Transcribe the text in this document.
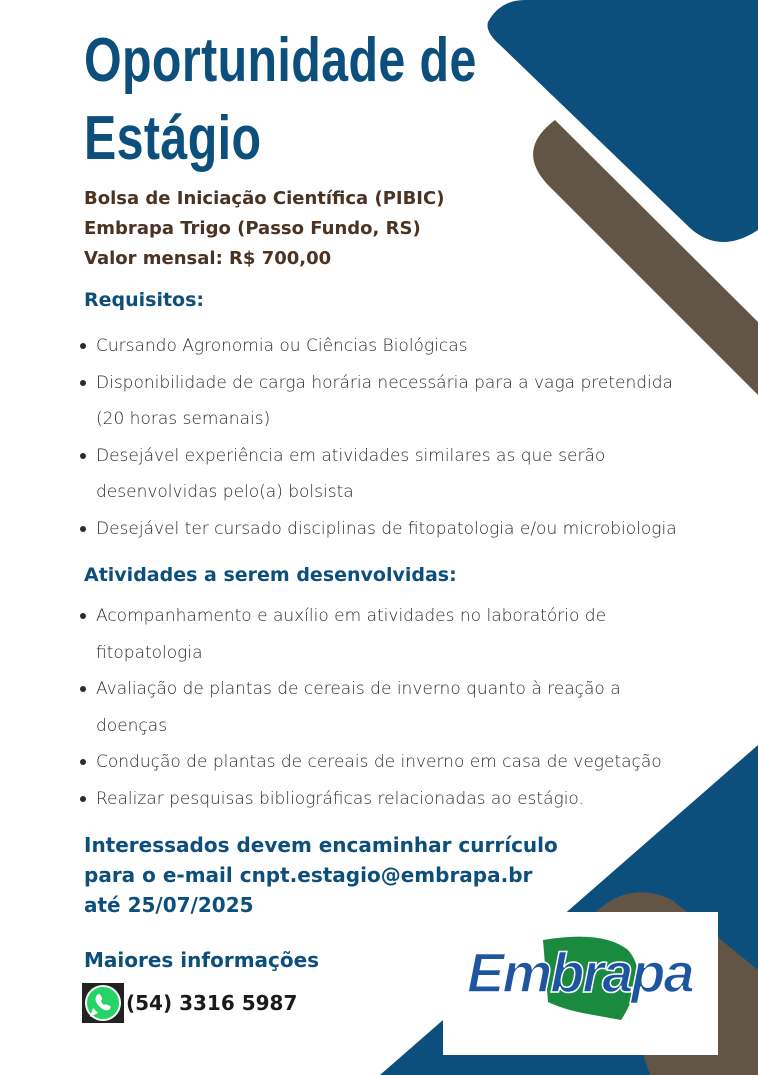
Oportunidade de
Estágio
Bolsa de Iniciação Científica (PIBIC)
Embrapa Trigo (Passo Fundo, RS)
Valor mensal: R$ 700,00
Requisitos:
Cursando Agronomia ou Ciências Biológicas
Disponibilidade de carga horária necessária para a vaga pretendida
(20 horas semanais)
Desejável experiência em atividades similares as que serão
desenvolvidas pelo(a) bolsista
Desejável ter cursado disciplinas de fitopatologia e/ou microbiologia
Atividades a serem desenvolvidas:
Acompanhamento e auxílio em atividades no laboratório de
fitopatologia
Avaliação de plantas de cereais de inverno quanto à reação a
doenças
Condução de plantas de cereais de inverno em casa de vegetação
Realizar pesquisas bibliográficas relacionadas ao estágio.
Interessados devem encaminhar currículo
para o e-mail cnpt.estagio@embrapa.br
até 25/07/2025
Maiores informações
(54) 3316 5987	Embrapa
